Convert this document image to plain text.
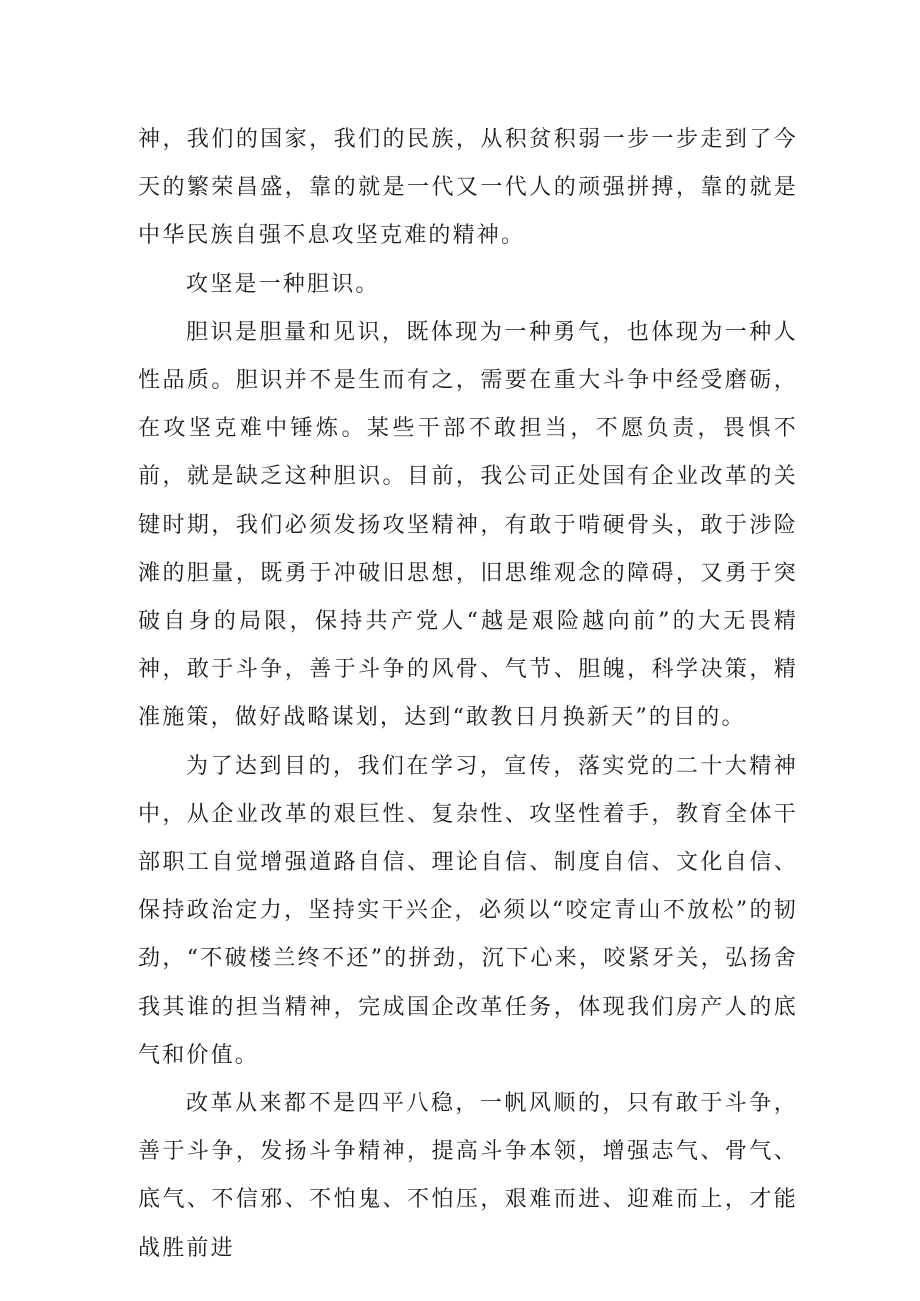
神，我们的国家，我们的民族，从积贫积弱一步一步走到了今天的繁荣昌盛，靠的就是一代又一代人的顽强拼搏，靠的就是中华民族自强不息攻坚克难的精神。

攻坚是一种胆识。

胆识是胆量和见识，既体现为一种勇气，也体现为一种人性品质。胆识并不是生而有之，需要在重大斗争中经受磨砺，在攻坚克难中锤炼。某些干部不敢担当，不愿负责，畏惧不前，就是缺乏这种胆识。目前，我公司正处国有企业改革的关键时期，我们必须发扬攻坚精神，有敢于啃硬骨头，敢于涉险滩的胆量，既勇于冲破旧思想，旧思维观念的障碍，又勇于突破自身的局限，保持共产党人“越是艰险越向前”的大无畏精神，敢于斗争，善于斗争的风骨、气节、胆魄，科学决策，精准施策，做好战略谋划，达到“敢教日月换新天”的目的。

为了达到目的，我们在学习，宣传，落实党的二十大精神中，从企业改革的艰巨性、复杂性、攻坚性着手，教育全体干部职工自觉增强道路自信、理论自信、制度自信、文化自信、保持政治定力，坚持实干兴企，必须以“咬定青山不放松”的韧劲，“不破楼兰终不还”的拼劲，沉下心来，咬紧牙关，弘扬舍我其谁的担当精神，完成国企改革任务，体现我们房产人的底气和价值。

改革从来都不是四平八稳，一帆风顺的，只有敢于斗争，善于斗争，发扬斗争精神，提高斗争本领，增强志气、骨气、底气、不信邪、不怕鬼、不怕压，艰难而进、迎难而上，才能战胜前进
